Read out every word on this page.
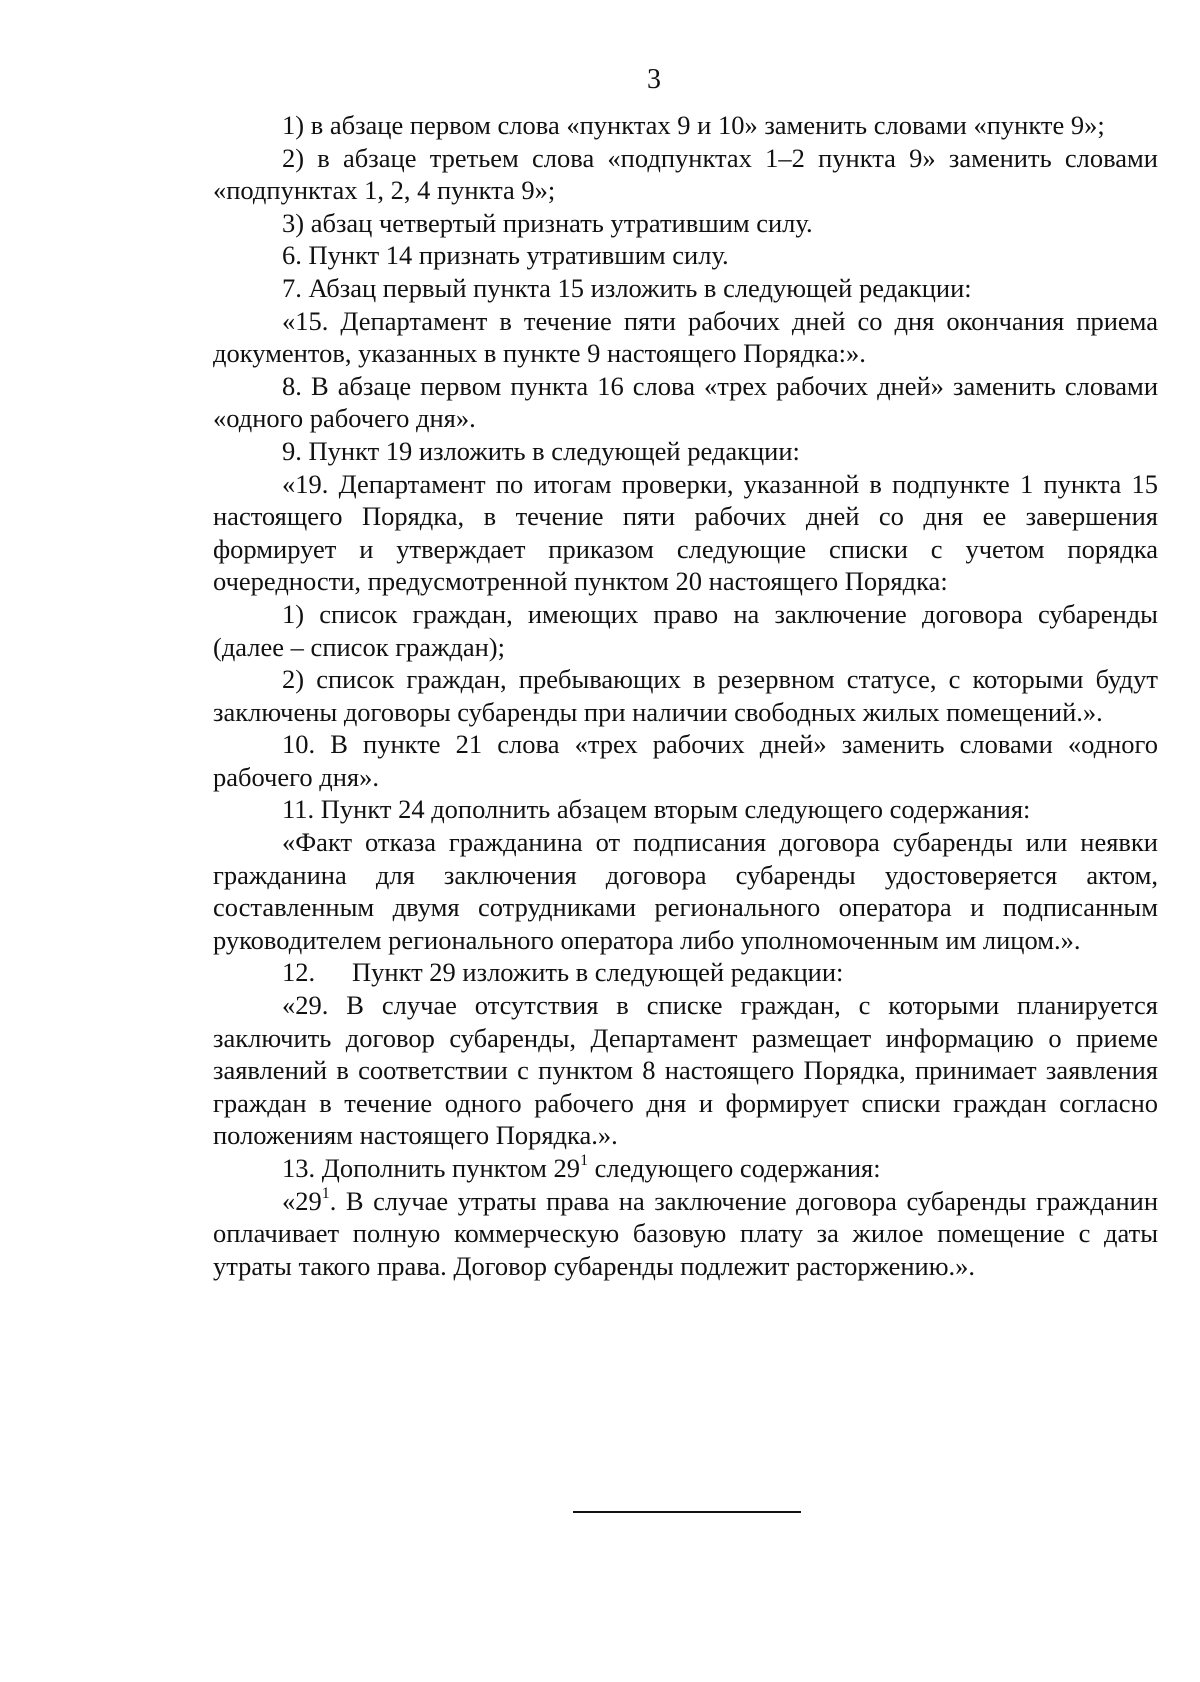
3

1) в абзаце первом слова «пунктах 9 и 10» заменить словами «пункте 9»;

2) в абзаце третьем слова «подпунктах 1–2 пункта 9» заменить словами «подпунктах 1, 2, 4 пункта 9»;

3) абзац четвертый признать утратившим силу.

6. Пункт 14 признать утратившим силу.

7. Абзац первый пункта 15 изложить в следующей редакции:

«15. Департамент в течение пяти рабочих дней со дня окончания приема документов, указанных в пункте 9 настоящего Порядка:».

8. В абзаце первом пункта 16 слова «трех рабочих дней» заменить словами «одного рабочего дня».

9. Пункт 19 изложить в следующей редакции:

«19. Департамент по итогам проверки, указанной в подпункте 1 пункта 15 настоящего Порядка, в течение пяти рабочих дней со дня ее завершения формирует и утверждает приказом следующие списки с учетом порядка очередности, предусмотренной пунктом 20 настоящего Порядка:

1) список граждан, имеющих право на заключение договора субаренды (далее – список граждан);

2) список граждан, пребывающих в резервном статусе, с которыми будут заключены договоры субаренды при наличии свободных жилых помещений.».

10. В пункте 21 слова «трех рабочих дней» заменить словами «одного рабочего дня».

11. Пункт 24 дополнить абзацем вторым следующего содержания:

«Факт отказа гражданина от подписания договора субаренды или неявки гражданина для заключения договора субаренды удостоверяется актом, составленным двумя сотрудниками регионального оператора и подписанным руководителем регионального оператора либо уполномоченным им лицом.».

12. Пункт 29 изложить в следующей редакции:

«29. В случае отсутствия в списке граждан, с которыми планируется заключить договор субаренды, Департамент размещает информацию о приеме заявлений в соответствии с пунктом 8 настоящего Порядка, принимает заявления граждан в течение одного рабочего дня и формирует списки граждан согласно положениям настоящего Порядка.».

13. Дополнить пунктом $29^1$ следующего содержания:

«$29^1$. В случае утраты права на заключение договора субаренды гражданин оплачивает полную коммерческую базовую плату за жилое помещение с даты утраты такого права. Договор субаренды подлежит расторжению.».
